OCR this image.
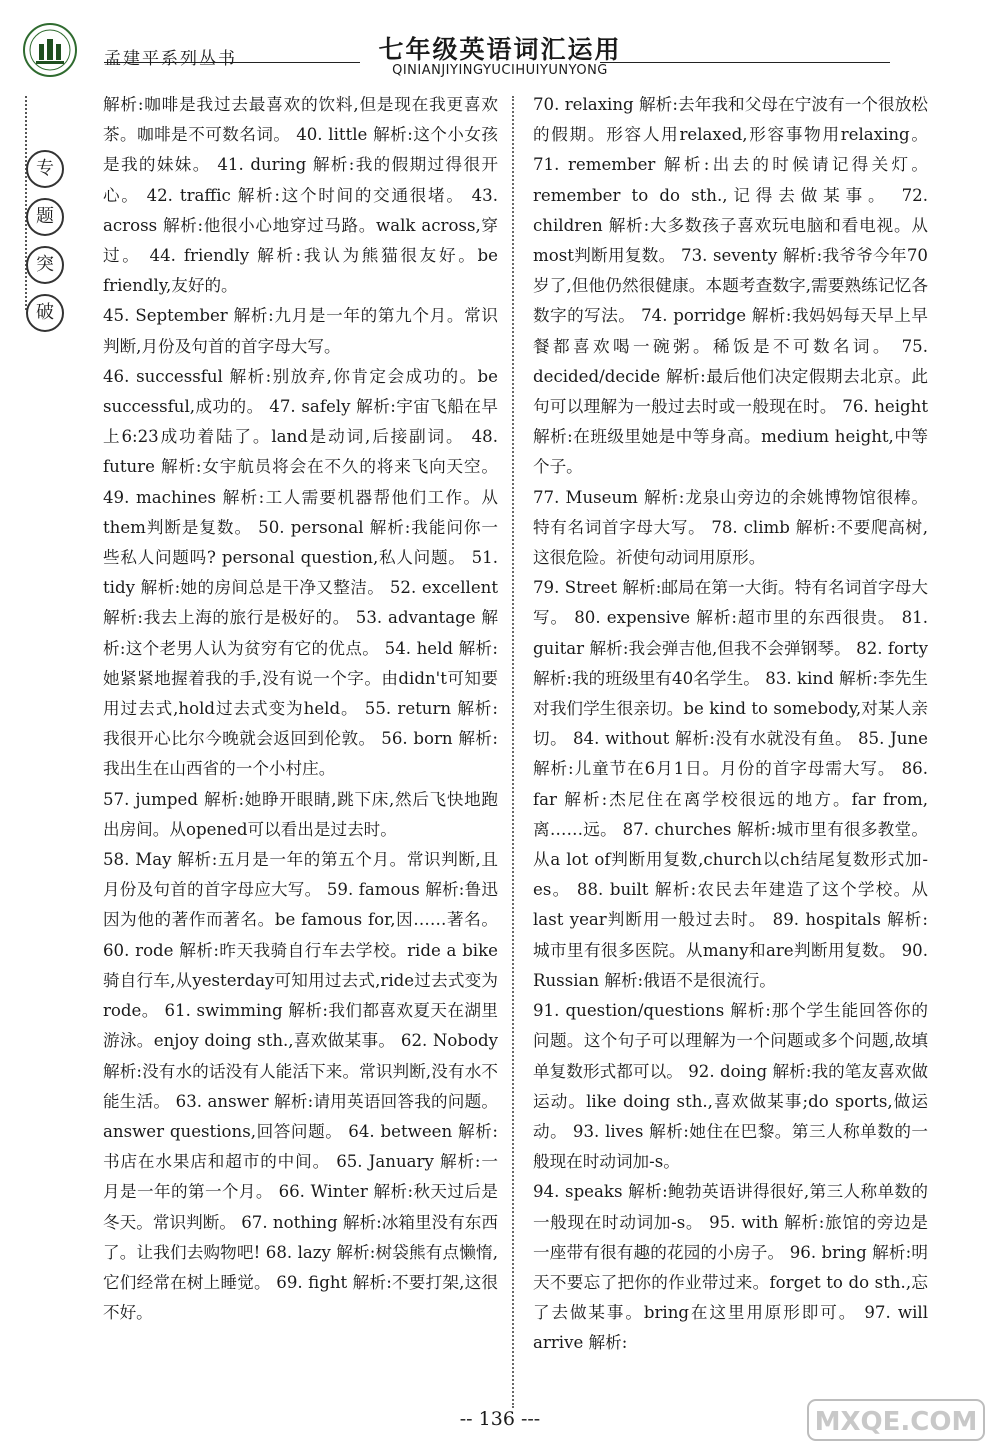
孟建平系列丛书	七年级英语词汇运用
QINIANJIYINGYUCIHUIYUNYONG
专
题
突
破

解析:咖啡是我过去最喜欢的饮料,但是现在我更喜欢茶。咖啡是不可数名词。 40. little 解析:这个小女孩是我的妹妹。 41. during 解析:我的假期过得很开心。 42. traffic 解析:这个时间的交通很堵。 43. across 解析:他很小心地穿过马路。walk across,穿过。 44. friendly 解析:我认为熊猫很友好。be friendly,友好的。

45. September 解析:九月是一年的第九个月。常识判断,月份及句首的首字母大写。

46. successful 解析:别放弃,你肯定会成功的。be successful,成功的。 47. safely 解析:宇宙飞船在早上6:23成功着陆了。land是动词,后接副词。 48. future 解析:女宇航员将会在不久的将来飞向天空。 49. machines 解析:工人需要机器帮他们工作。从them判断是复数。 50. personal 解析:我能问你一些私人问题吗? personal question,私人问题。 51. tidy 解析:她的房间总是干净又整洁。 52. excellent 解析:我去上海的旅行是极好的。 53. advantage 解析:这个老男人认为贫穷有它的优点。 54. held 解析:她紧紧地握着我的手,没有说一个字。由didn't可知要用过去式,hold过去式变为held。 55. return 解析:我很开心比尔今晚就会返回到伦敦。 56. born 解析:我出生在山西省的一个小村庄。

57. jumped 解析:她睁开眼睛,跳下床,然后飞快地跑出房间。从opened可以看出是过去时。

58. May 解析:五月是一年的第五个月。常识判断,且月份及句首的首字母应大写。 59. famous 解析:鲁迅因为他的著作而著名。be famous for,因……著名。 60. rode 解析:昨天我骑自行车去学校。ride a bike骑自行车,从yesterday可知用过去式,ride过去式变为rode。 61. swimming 解析:我们都喜欢夏天在湖里游泳。enjoy doing sth.,喜欢做某事。 62. Nobody 解析:没有水的话没有人能活下来。常识判断,没有水不能生活。 63. answer 解析:请用英语回答我的问题。answer questions,回答问题。 64. between 解析:书店在水果店和超市的中间。 65. January 解析:一月是一年的第一个月。 66. Winter 解析:秋天过后是冬天。常识判断。 67. nothing 解析:冰箱里没有东西了。让我们去购物吧! 68. lazy 解析:树袋熊有点懒惰,它们经常在树上睡觉。 69. fight 解析:不要打架,这很不好。

70. relaxing 解析:去年我和父母在宁波有一个很放松的假期。形容人用relaxed,形容事物用relaxing。 71. remember 解析:出去的时候请记得关灯。remember to do sth.,记得去做某事。 72. children 解析:大多数孩子喜欢玩电脑和看电视。从most判断用复数。 73. seventy 解析:我爷爷今年70岁了,但他仍然很健康。本题考查数字,需要熟练记忆各数字的写法。 74. porridge 解析:我妈妈每天早上早餐都喜欢喝一碗粥。稀饭是不可数名词。 75. decided/decide 解析:最后他们决定假期去北京。此句可以理解为一般过去时或一般现在时。 76. height 解析:在班级里她是中等身高。medium height,中等个子。

77. Museum 解析:龙泉山旁边的余姚博物馆很棒。特有名词首字母大写。 78. climb 解析:不要爬高树,这很危险。祈使句动词用原形。

79. Street 解析:邮局在第一大街。特有名词首字母大写。 80. expensive 解析:超市里的东西很贵。 81. guitar 解析:我会弹吉他,但我不会弹钢琴。 82. forty 解析:我的班级里有40名学生。 83. kind 解析:李先生对我们学生很亲切。be kind to somebody,对某人亲切。 84. without 解析:没有水就没有鱼。 85. June 解析:儿童节在6月1日。月份的首字母需大写。 86. far 解析:杰尼住在离学校很远的地方。far from,离……远。 87. churches 解析:城市里有很多教堂。从a lot of判断用复数,church以ch结尾复数形式加-es。 88. built 解析:农民去年建造了这个学校。从last year判断用一般过去时。 89. hospitals 解析:城市里有很多医院。从many和are判断用复数。 90. Russian 解析:俄语不是很流行。

91. question/questions 解析:那个学生能回答你的问题。这个句子可以理解为一个问题或多个问题,故填单复数形式都可以。 92. doing 解析:我的笔友喜欢做运动。like doing sth.,喜欢做某事;do sports,做运动。 93. lives 解析:她住在巴黎。第三人称单数的一般现在时动词加-s。

94. speaks 解析:鲍勃英语讲得很好,第三人称单数的一般现在时动词加-s。 95. with 解析:旅馆的旁边是一座带有很有趣的花园的小房子。 96. bring 解析:明天不要忘了把你的作业带过来。forget to do sth.,忘了去做某事。bring在这里用原形即可。 97. will arrive 解析:

-- 136 ---	MXQE.COM
